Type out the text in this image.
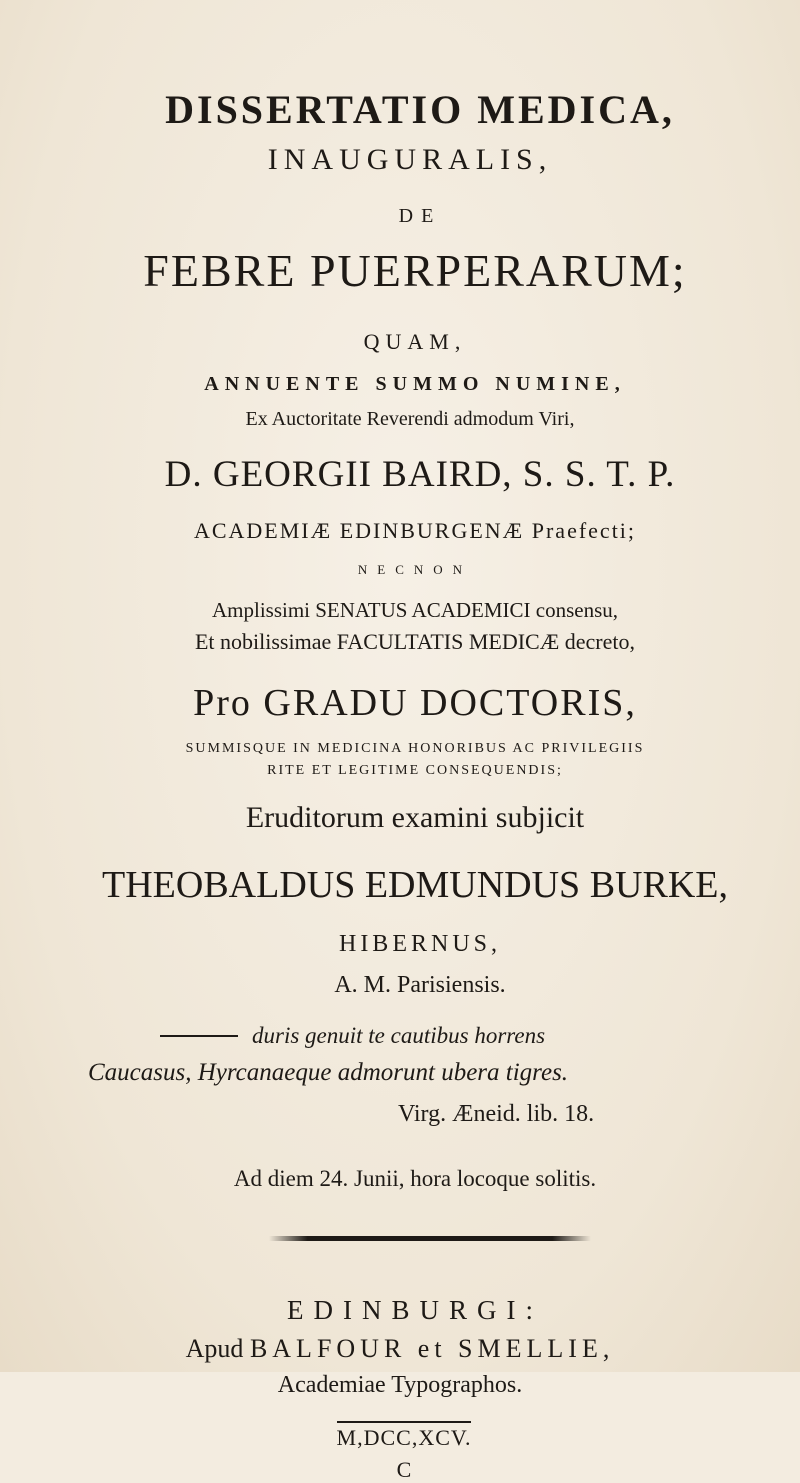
DISSERTATIO MEDICA,

INAUGURALIS,

DE

FEBRE PUERPERARUM;

QUAM,

ANNUENTE SUMMO NUMINE,

Ex Auctoritate Reverendi admodum Viri,

D. GEORGII BAIRD, S. S. T. P.

ACADEMIÆ EDINBURGENÆ Praefecti;

NECNON

Amplissimi SENATUS ACADEMICI consensu,

Et nobilissimae FACULTATIS MEDICÆ decreto,

Pro GRADU DOCTORIS,

SUMMISQUE IN MEDICINA HONORIBUS AC PRIVILEGIIS

RITE ET LEGITIME CONSEQUENDIS;

Eruditorum examini subjicit

THEOBALDUS EDMUNDUS BURKE,

HIBERNUS,

A. M. Parisiensis.

duris genuit te cautibus horrens
Caucasus, Hyrcanaeque admorunt ubera tigres.
Virg. Æneid. lib. 18.

Ad diem 24. Junii, hora locoque solitis.

EDINBURGI:

Apud BALFOUR et SMELLIE,

Academiae Typographos.

M,DCC,XCV.

C
